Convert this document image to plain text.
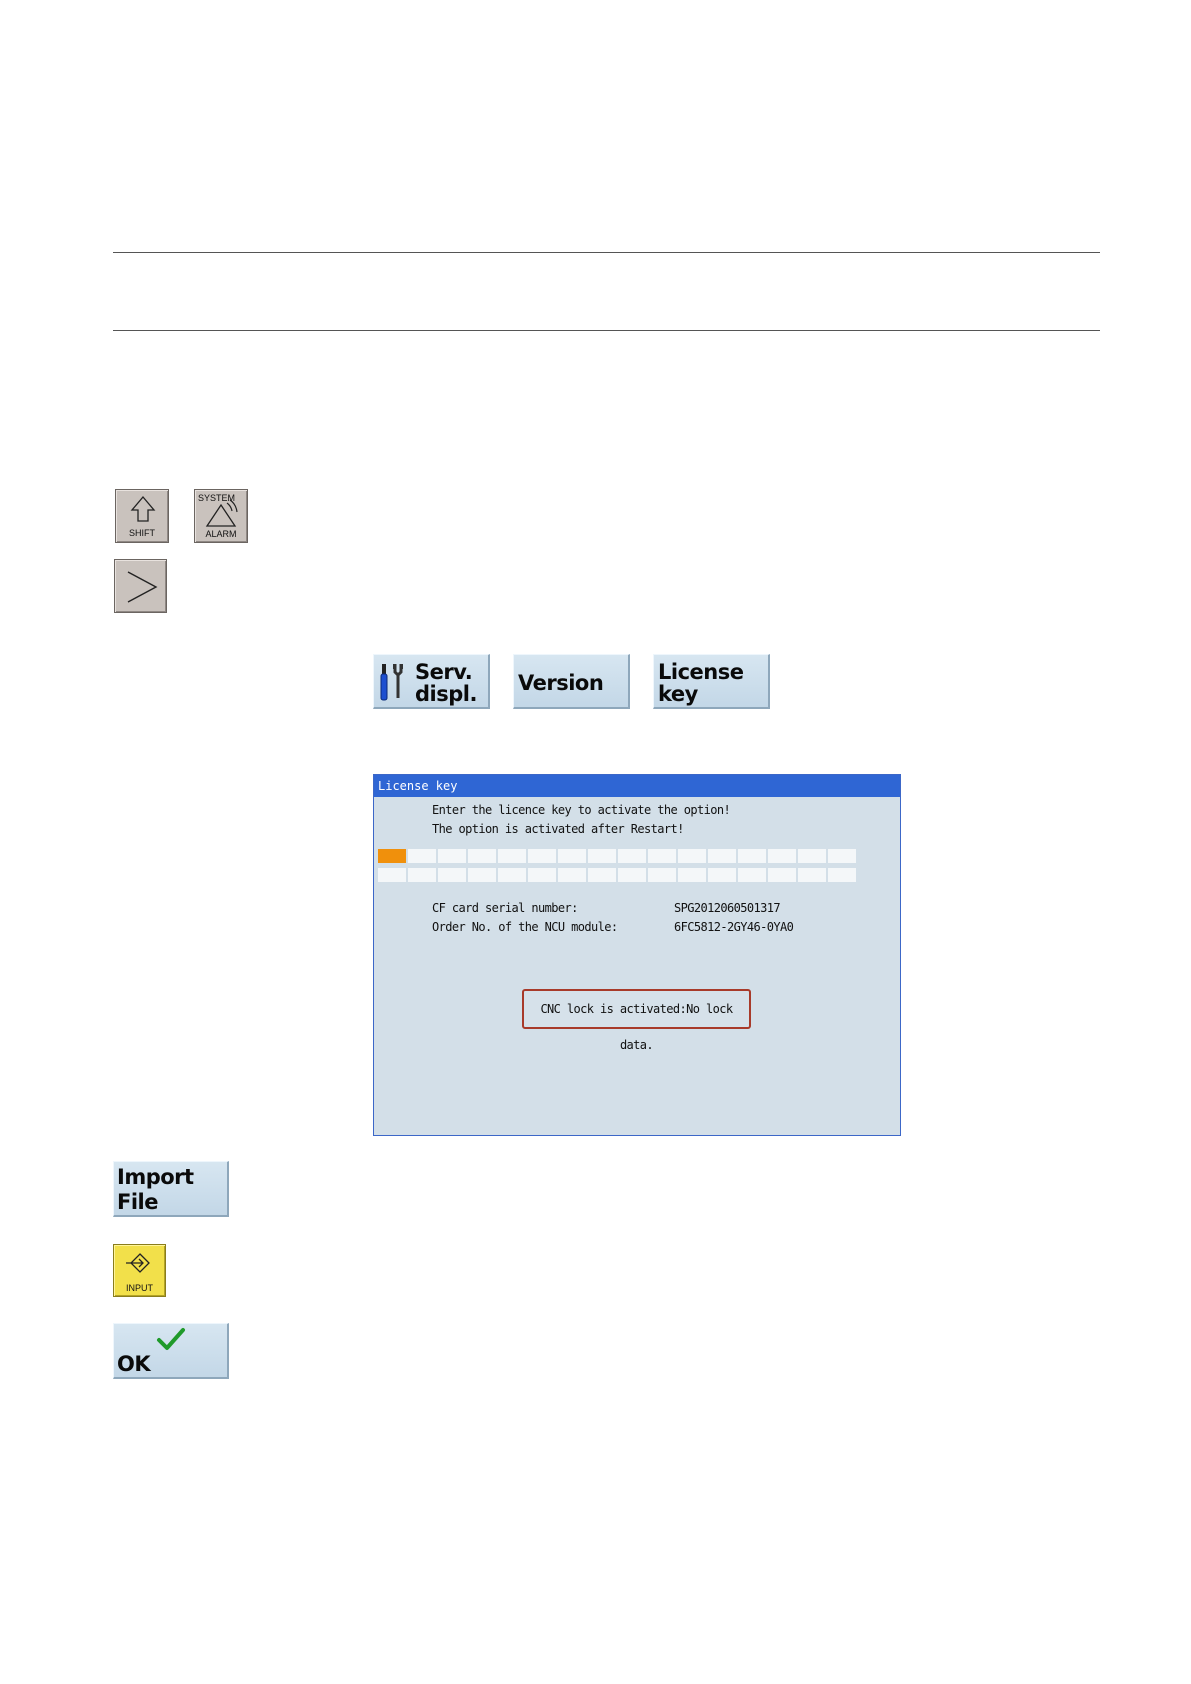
SHIFT
SYSTEM
ALARM
Serv.
displ. Version	License
key
License key
Enter the licence key to activate the option!
The option is activated after Restart!
CF card serial number:	SPG2012060501317
Order No. of the NCU module:	6FC5812-2GY46-0YA0
CNC lock is activated:No lock data.
Import
File
INPUT
OK
